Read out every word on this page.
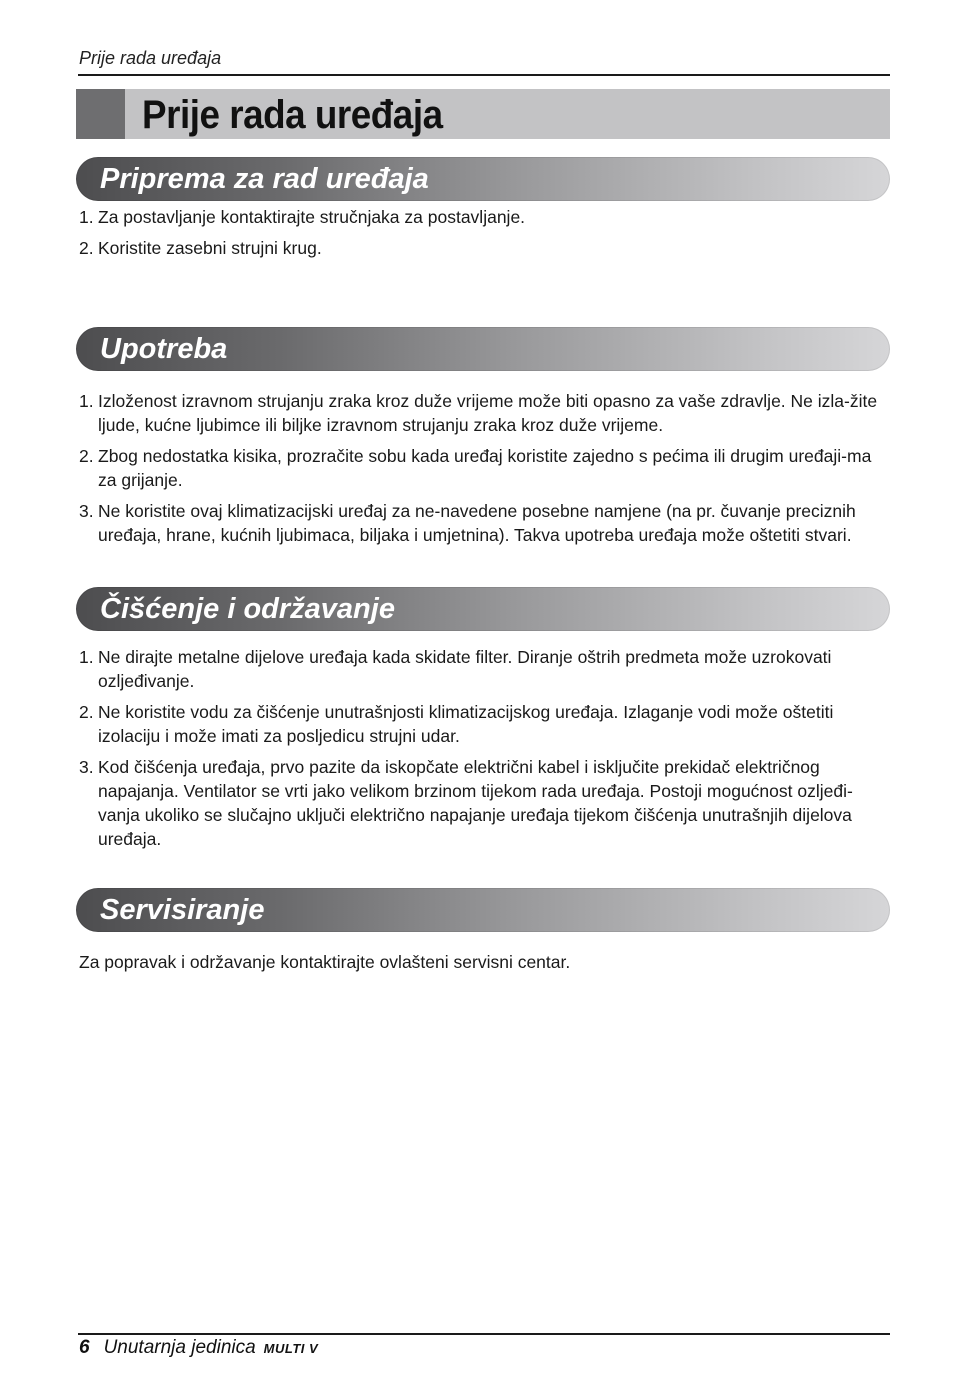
Prije rada uređaja
Prije rada uređaja
Priprema za rad uređaja
1. Za postavljanje kontaktirajte stručnjaka za postavljanje.
2. Koristite zasebni strujni krug.
Upotreba
1. Izloženost izravnom strujanju zraka kroz duže vrijeme može biti opasno za vaše zdravlje. Ne izla-žite ljude, kućne ljubimce ili biljke izravnom strujanju zraka kroz duže vrijeme.
2. Zbog nedostatka kisika, prozračite sobu kada uređaj koristite zajedno s pećima ili drugim uređaji-ma za grijanje.
3. Ne koristite ovaj klimatizacijski uređaj za ne-navedene posebne namjene (na pr. čuvanje preciznih uređaja, hrane, kućnih ljubimaca, biljaka i umjetnina). Takva upotreba uređaja može oštetiti stvari.
Čišćenje i održavanje
1. Ne dirajte metalne dijelove uređaja kada skidate filter. Diranje oštrih predmeta može uzrokovati ozljeđivanje.
2. Ne koristite vodu za čišćenje unutrašnjosti klimatizacijskog uređaja. Izlaganje vodi može oštetiti izolaciju i može imati za posljedicu strujni udar.
3. Kod čišćenja uređaja, prvo pazite da iskopčate električni kabel i isključite prekidač električnog napajanja. Ventilator se vrti jako velikom brzinom tijekom rada uređaja. Postoji mogućnost ozljeđi-vanja ukoliko se slučajno uključi električno napajanje uređaja tijekom čišćenja unutrašnjih dijelova uređaja.
Servisiranje
Za popravak i održavanje kontaktirajte ovlašteni servisni centar.
6 Unutarnja jedinica MULTI V
